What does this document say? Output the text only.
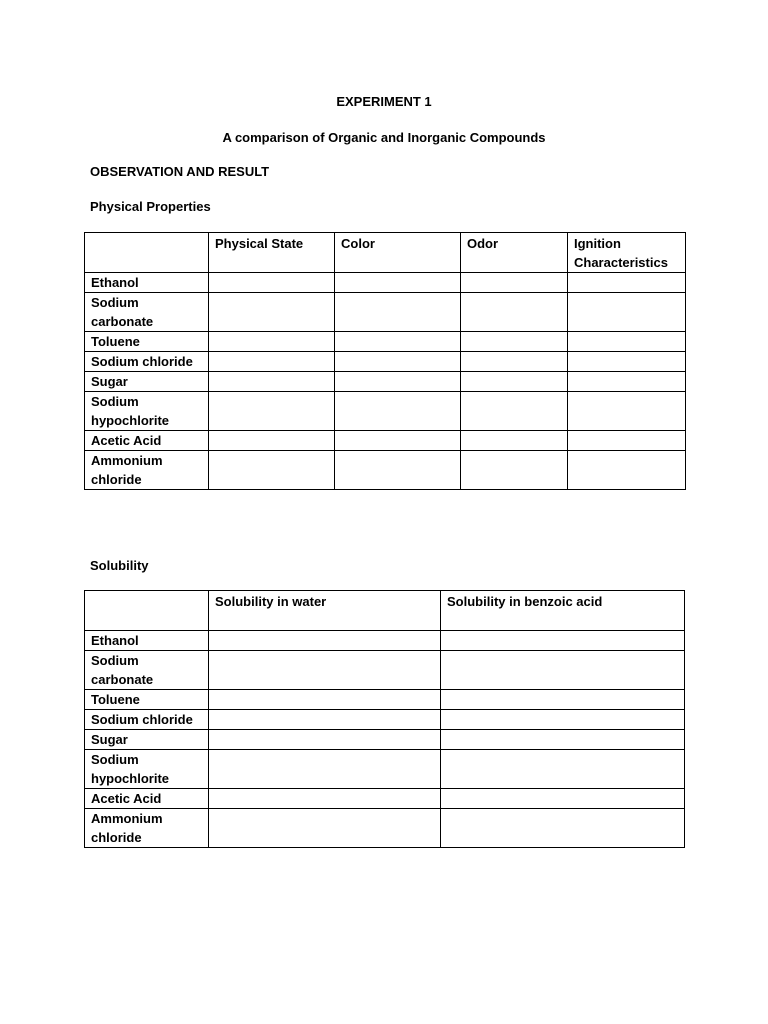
EXPERIMENT 1
A comparison of Organic and Inorganic Compounds
OBSERVATION AND RESULT
Physical Properties
	Physical State	Color	Odor	Ignition Characteristics
Ethanol				
Sodium carbonate				
Toluene				
Sodium chloride				
Sugar				
Sodium hypochlorite				
Acetic Acid				
Ammonium chloride				
Solubility
	Solubility in water	Solubility in benzoic acid
Ethanol		
Sodium carbonate		
Toluene		
Sodium chloride		
Sugar		
Sodium hypochlorite		
Acetic Acid		
Ammonium chloride		
